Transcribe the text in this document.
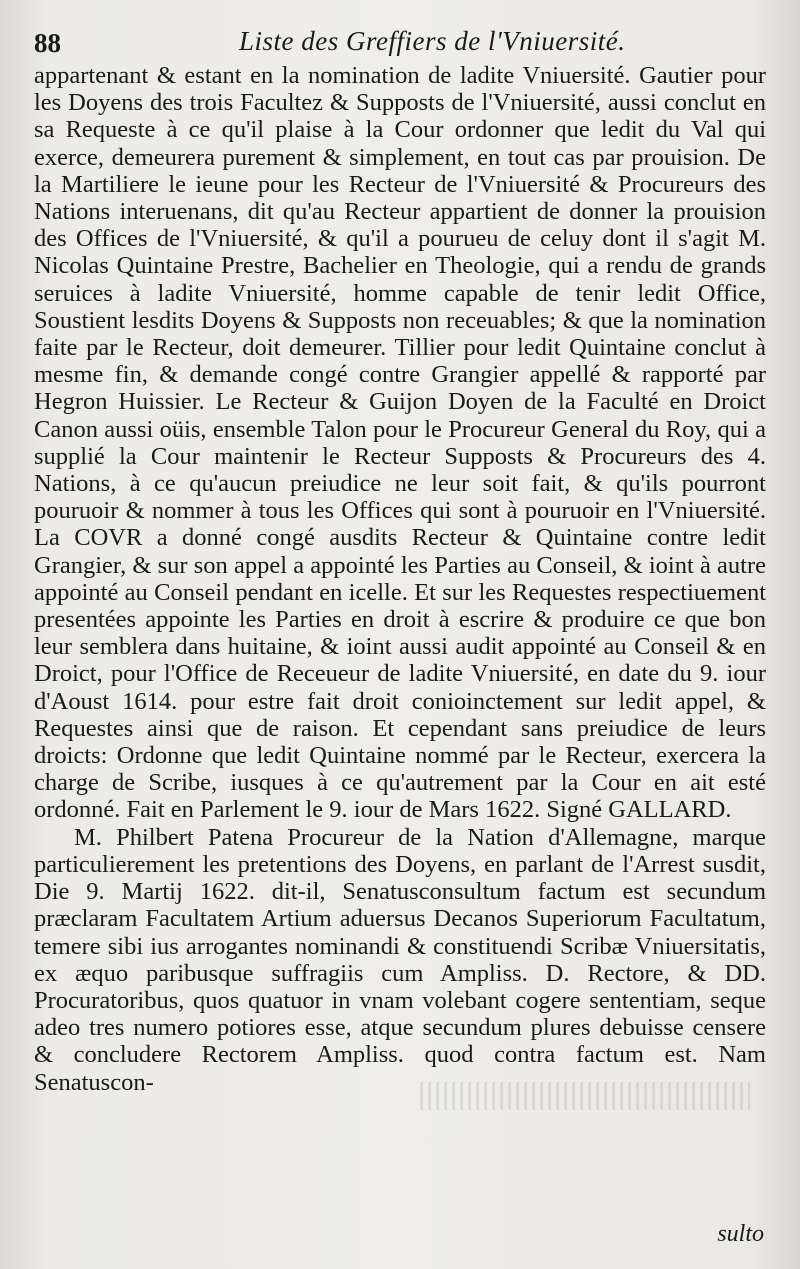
88	Liste des Greffiers de l'Vniuersité.

appartenant & estant en la nomination de ladite Vniuersité. Gautier pour les Doyens des trois Facultez & Supposts de l'Vniuersité, aussi conclut en sa Requeste à ce qu'il plaise à la Cour ordonner que ledit du Val qui exerce, demeurera purement & simplement, en tout cas par prouision. De la Martiliere le ieune pour les Recteur de l'Vniuersité & Procureurs des Nations interuenans, dit qu'au Recteur appartient de donner la prouision des Offices de l'Vniuersité, & qu'il a pourueu de celuy dont il s'agit M. Nicolas Quintaine Prestre, Bachelier en Theologie, qui a rendu de grands seruices à ladite Vniuersité, homme capable de tenir ledit Office, Soustient lesdits Doyens & Supposts non receuables; & que la nomination faite par le Recteur, doit demeurer. Tillier pour ledit Quintaine conclut à mesme fin, & demande congé contre Grangier appellé & rapporté par Hegron Huissier. Le Recteur & Guijon Doyen de la Faculté en Droict Canon aussi oüis, ensemble Talon pour le Procureur General du Roy, qui a supplié la Cour maintenir le Recteur Supposts & Procureurs des 4. Nations, à ce qu'aucun preiudice ne leur soit fait, & qu'ils pourront pouruoir & nommer à tous les Offices qui sont à pouruoir en l'Vniuersité. La COVR a donné congé ausdits Recteur & Quintaine contre ledit Grangier, & sur son appel a appointé les Parties au Conseil, & ioint à autre appointé au Conseil pendant en icelle. Et sur les Requestes respectiuement presentées appointe les Parties en droit à escrire & produire ce que bon leur semblera dans huitaine, & ioint aussi audit appointé au Conseil & en Droict, pour l'Office de Receueur de ladite Vniuersité, en date du 9. iour d'Aoust 1614. pour estre fait droit conioinctement sur ledit appel, & Requestes ainsi que de raison. Et cependant sans preiudice de leurs droicts: Ordonne que ledit Quintaine nommé par le Recteur, exercera la charge de Scribe, iusques à ce qu'autrement par la Cour en ait esté ordonné. Fait en Parlement le 9. iour de Mars 1622. Signé GALLARD.

M. Philbert Patena Procureur de la Nation d'Allemagne, marque particulierement les pretentions des Doyens, en parlant de l'Arrest susdit, Die 9. Martij 1622. dit-il, Senatusconsultum factum est secundum præclaram Facultatem Artium aduersus Decanos Superiorum Facultatum, temere sibi ius arrogantes nominandi & constituendi Scribæ Vniuersitatis, ex æquo paribusque suffragiis cum Ampliss. D. Rectore, & DD. Procuratoribus, quos quatuor in vnam volebant cogere sententiam, seque adeo tres numero potiores esse, atque secundum plures debuisse censere & concludere Rectorem Ampliss. quod contra factum est. Nam Senatuscon-

sulto
